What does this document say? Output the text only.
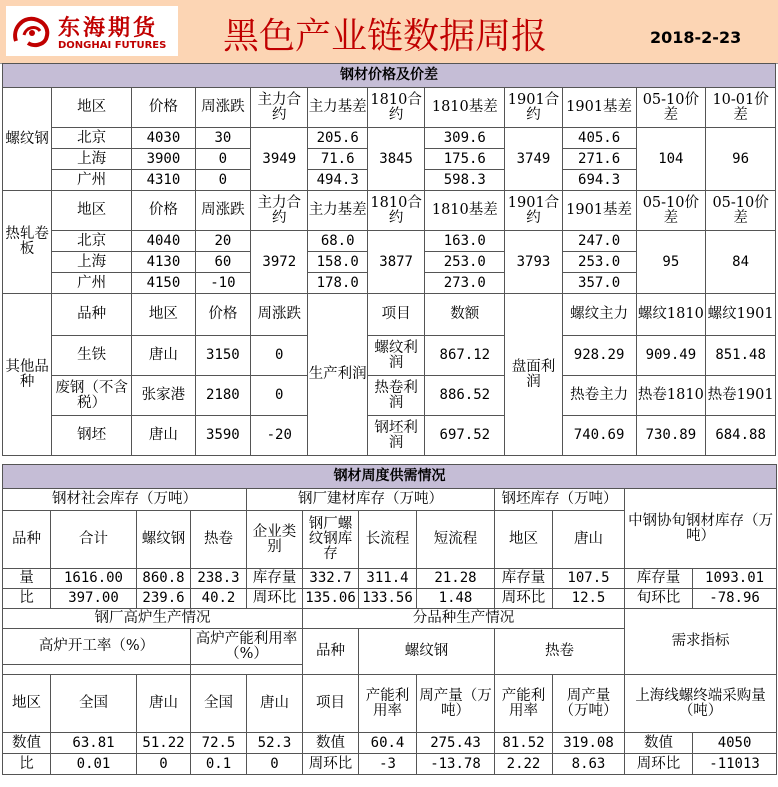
东海期货
DONGHAI FUTURES	黑色产业链数据周报	2018-2-23
钢材价格及价差											
螺纹钢	地区	价格	周涨跌	主力合约	主力基差	1810合约	1810基差	1901合约	1901基差	05-10价差	10-01价差
	北京	4030	30	3949	205.6	3845	309.6	3749	405.6	104	96
	上海	3900	0		71.6		175.6		271.6		
	广州	4310	0		494.3		598.3		694.3		
热轧卷板	地区	价格	周涨跌	主力合约	主力基差	1810合约	1810基差	1901合约	1901基差	05-10价差	05-10价差
	北京	4040	20	3972	68.0	3877	163.0	3793	247.0	95	84
	上海	4130	60		158.0		253.0		253.0		
	广州	4150	-10		178.0		273.0		357.0		
其他品种	品种	地区	价格	周涨跌	生产利润	项目	数额	盘面利润	螺纹主力	螺纹1810	螺纹1901
	生铁	唐山	3150	0		螺纹利润	867.12		928.29	909.49	851.48
	废钢（不含税）	张家港	2180	0		热卷利润	886.52		热卷主力	热卷1810	热卷1901
	钢坯	唐山	3590	-20		钢坯利润	697.52		740.69	730.89	684.88
钢材周度供需情况											
钢材社会库存（万吨）				钢厂建材库存（万吨）				钢坯库存（万吨）		中钢协旬钢材库存（万吨）	
品种	合计	螺纹钢	热卷	企业类别	钢厂螺纹钢库存	长流程	短流程	地区	唐山		
量	1616.00	860.8	238.3	库存量	332.7	311.4	21.28	库存量	107.5	库存量	1093.01
比	397.00	239.6	40.2	周环比	135.06	133.56	1.48	周环比	12.5	旬环比	-78.96
钢厂高炉生产情况					分品种生产情况					需求指标	
高炉开工率（%）			高炉产能利用率（%）		品种	螺纹钢		热卷			

地区	全国	唐山	全国	唐山	项目	产能利用率	周产量（万吨）	产能利用率	周产量（万吨）	上海线螺终端采购量（吨）	
数值	63.81	51.22	72.5	52.3	数值	60.4	275.43	81.52	319.08	数值	4050
比	0.01	0	0.1	0	周环比	-3	-13.78	2.22	8.63	周环比	-11013
